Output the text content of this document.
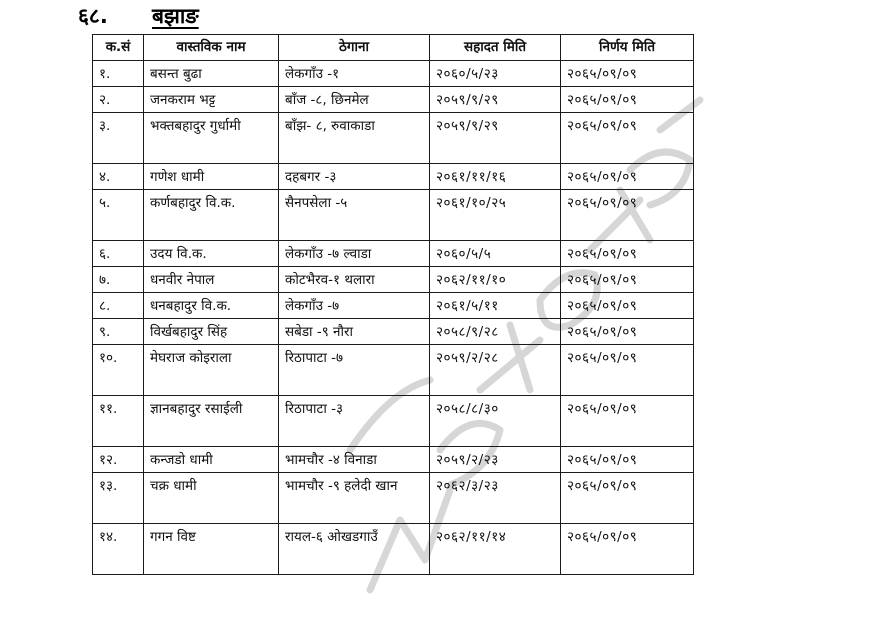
६८.	बझाङ
क.सं	वास्तविक नाम	ठेगाना	सहादत मिति	निर्णय मिति
१.	बसन्त बुढा	लेकगाँउ -१	२०६०/५/२३	२०६५/०९/०९
२.	जनकराम भट्ट	बाँज -८, छिनमेल	२०५९/९/२९	२०६५/०९/०९
३.	भक्तबहादुर गुर्धामी	बाँझ- ८, रुवाकाडा	२०५९/९/२९	२०६५/०९/०९
४.	गणेश धामी	दहबगर -३	२०६१/११/१६	२०६५/०९/०९
५.	कर्णबहादुर वि.क.	सैनपसेला -५	२०६१/१०/२५	२०६५/०९/०९
६.	उदय वि.क.	लेकगाँउ -७ ल्वाडा	२०६०/५/५	२०६५/०९/०९
७.	धनवीर नेपाल	कोटभैरव-१ थलारा	२०६२/११/१०	२०६५/०९/०९
८.	धनबहादुर वि.क.	लेकगाँउ -७	२०६१/५/११	२०६५/०९/०९
९.	विर्खबहादुर सिंह	सबेडा -९ नौरा	२०५८/९/२८	२०६५/०९/०९
१०.	मेघराज कोइराला	रिठापाटा -७	२०५९/२/२८	२०६५/०९/०९
११.	ज्ञानबहादुर रसाईली	रिठापाटा -३	२०५८/८/३०	२०६५/०९/०९
१२.	कन्जडो धामी	भामचौर -४ विनाडा	२०५९/२/२३	२०६५/०९/०९
१३.	चक्र धामी	भामचौर -९ हलेदी खान	२०६२/३/२३	२०६५/०९/०९
१४.	गगन विष्ट	रायल-६ ओखडगाउँ	२०६२/११/१४	२०६५/०९/०९
